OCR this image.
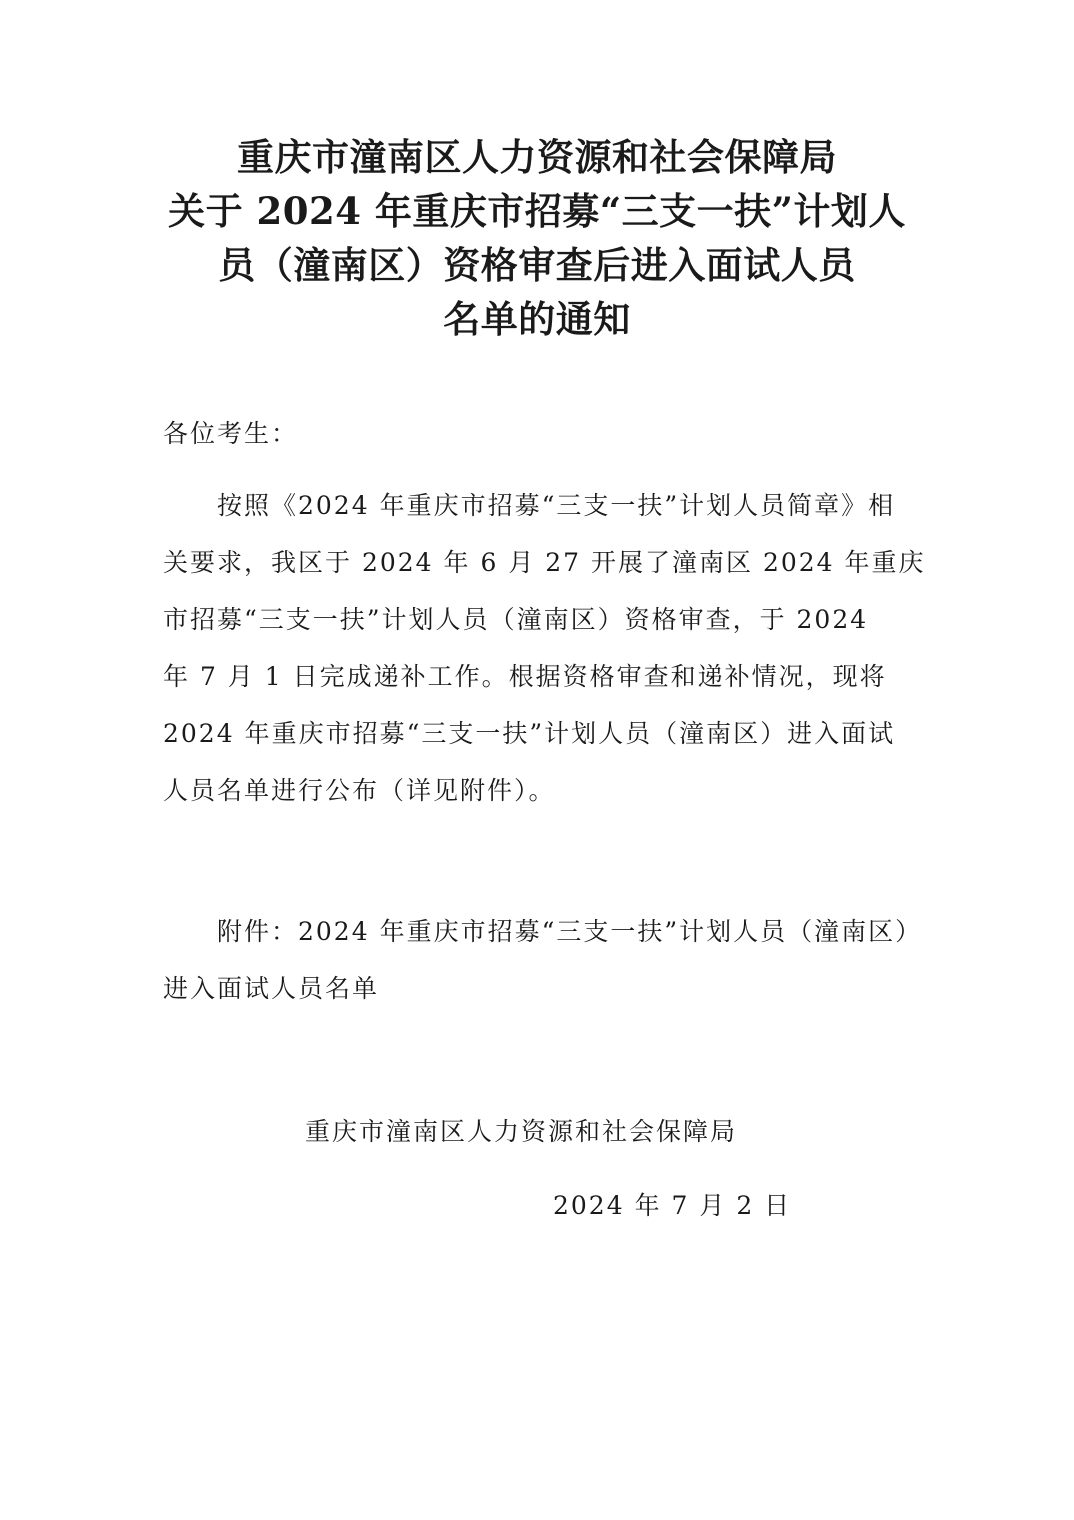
重庆市潼南区人力资源和社会保障局
关于 2024 年重庆市招募“三支一扶”计划人
员（潼南区）资格审查后进入面试人员
名单的通知
各位考生：
　　按照《2024 年重庆市招募“三支一扶”计划人员简章》相
关要求，我区于 2024 年 6 月 27 开展了潼南区 2024 年重庆
市招募“三支一扶”计划人员（潼南区）资格审查，于 2024
年 7 月 1 日完成递补工作。根据资格审查和递补情况，现将
2024 年重庆市招募“三支一扶”计划人员（潼南区）进入面试
人员名单进行公布（详见附件）。
　　附件：2024 年重庆市招募“三支一扶”计划人员（潼南区）
进入面试人员名单
重庆市潼南区人力资源和社会保障局
2024 年 7 月 2 日
